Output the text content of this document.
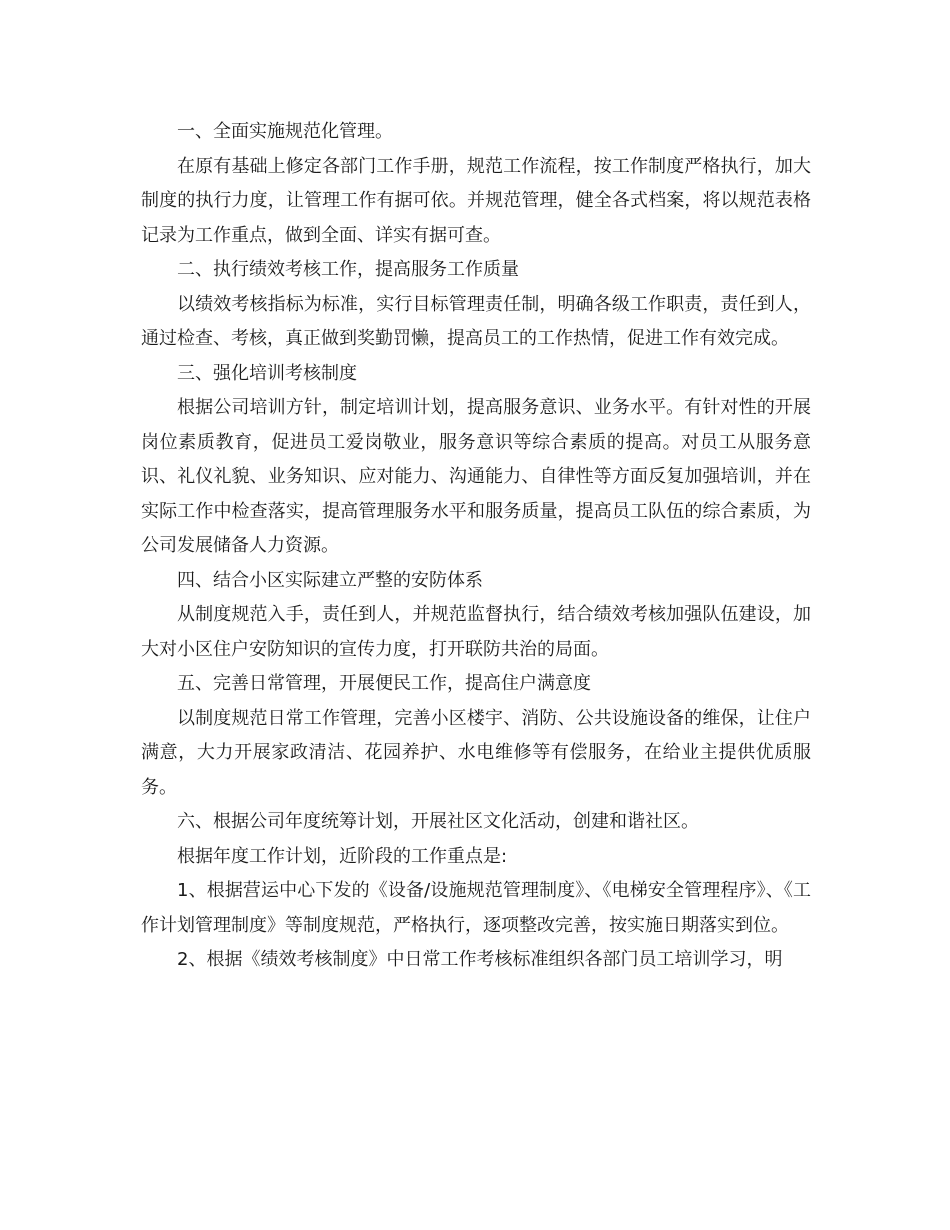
一、全面实施规范化管理。

在原有基础上修定各部门工作手册，规范工作流程，按工作制度严格执行，加大制度的执行力度，让管理工作有据可依。并规范管理，健全各式档案，将以规范表格记录为工作重点，做到全面、详实有据可查。

二、执行绩效考核工作，提高服务工作质量

以绩效考核指标为标准，实行目标管理责任制，明确各级工作职责，责任到人，通过检查、考核，真正做到奖勤罚懒，提高员工的工作热情，促进工作有效完成。

三、强化培训考核制度

根据公司培训方针，制定培训计划，提高服务意识、业务水平。有针对性的开展岗位素质教育，促进员工爱岗敬业，服务意识等综合素质的提高。对员工从服务意识、礼仪礼貌、业务知识、应对能力、沟通能力、自律性等方面反复加强培训，并在实际工作中检查落实，提高管理服务水平和服务质量，提高员工队伍的综合素质，为公司发展储备人力资源。

四、结合小区实际建立严整的安防体系

从制度规范入手，责任到人，并规范监督执行，结合绩效考核加强队伍建设，加大对小区住户安防知识的宣传力度，打开联防共治的局面。

五、完善日常管理，开展便民工作，提高住户满意度

以制度规范日常工作管理，完善小区楼宇、消防、公共设施设备的维保，让住户满意，大力开展家政清洁、花园养护、水电维修等有偿服务，在给业主提供优质服务。

六、根据公司年度统筹计划，开展社区文化活动，创建和谐社区。

根据年度工作计划，近阶段的工作重点是:

1、根据营运中心下发的《设备/设施规范管理制度》、《电梯安全管理程序》、《工作计划管理制度》等制度规范，严格执行，逐项整改完善，按实施日期落实到位。

2、根据《绩效考核制度》中日常工作考核标准组织各部门员工培训学习，明
